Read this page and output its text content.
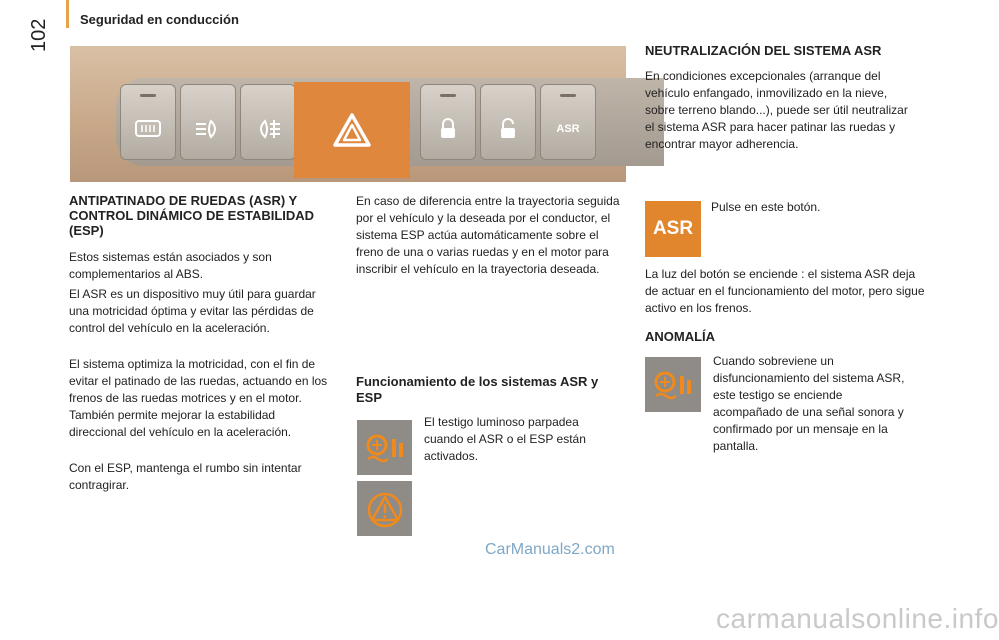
Seguridad en conducción
102
ASR
ANTIPATINADO DE RUEDAS (ASR) Y CONTROL DINÁMICO DE ESTABILIDAD (ESP)

Estos sistemas están asociados y son complementarios al ABS.

El ASR es un dispositivo muy útil para guardar una motricidad óptima y evitar las pérdidas de control del vehículo en la aceleración.

El sistema optimiza la motricidad, con el fin de evitar el patinado de las ruedas, actuando en los frenos de las ruedas motrices y en el motor. También permite mejorar la estabilidad direccional del vehículo en la aceleración.

Con el ESP, mantenga el rumbo sin intentar contragirar.

En caso de diferencia entre la trayectoria seguida por el vehículo y la deseada por el conductor, el sistema ESP actúa automáticamente sobre el freno de una o varias ruedas y en el motor para inscribir el vehículo en la trayectoria deseada.

Funcionamiento de los sistemas ASR y ESP

El testigo luminoso parpadea cuando el ASR o el ESP están activados.

NEUTRALIZACIÓN DEL SISTEMA ASR

En condiciones excepcionales (arranque del vehículo enfangado, inmovilizado en la nieve, sobre terreno blando...), puede ser útil neutralizar el sistema ASR para hacer patinar las ruedas y encontrar mayor adherencia.

ASR

Pulse en este botón.

La luz del botón se enciende : el sistema ASR deja de actuar en el funcionamiento del motor, pero sigue activo en los frenos.

ANOMALÍA

Cuando sobreviene un disfuncionamiento del sistema ASR, este testigo se enciende acompañado de una señal sonora y confirmado por un mensaje en la pantalla.

CarManuals2.com
carmanualsonline.info
